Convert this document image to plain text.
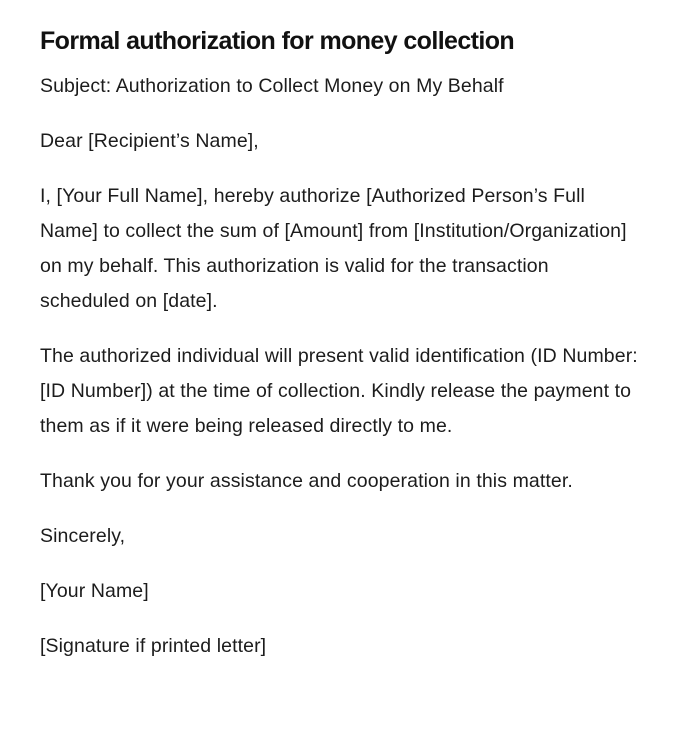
Formal authorization for money collection

Subject: Authorization to Collect Money on My Behalf

Dear [Recipient’s Name],

I, [Your Full Name], hereby authorize [Authorized Person’s Full Name] to collect the sum of [Amount] from [Institution/Organization] on my behalf. This authorization is valid for the transaction scheduled on [date].

The authorized individual will present valid identification (ID Number: [ID Number]) at the time of collection. Kindly release the payment to them as if it were being released directly to me.

Thank you for your assistance and cooperation in this matter.

Sincerely,

[Your Name]

[Signature if printed letter]
